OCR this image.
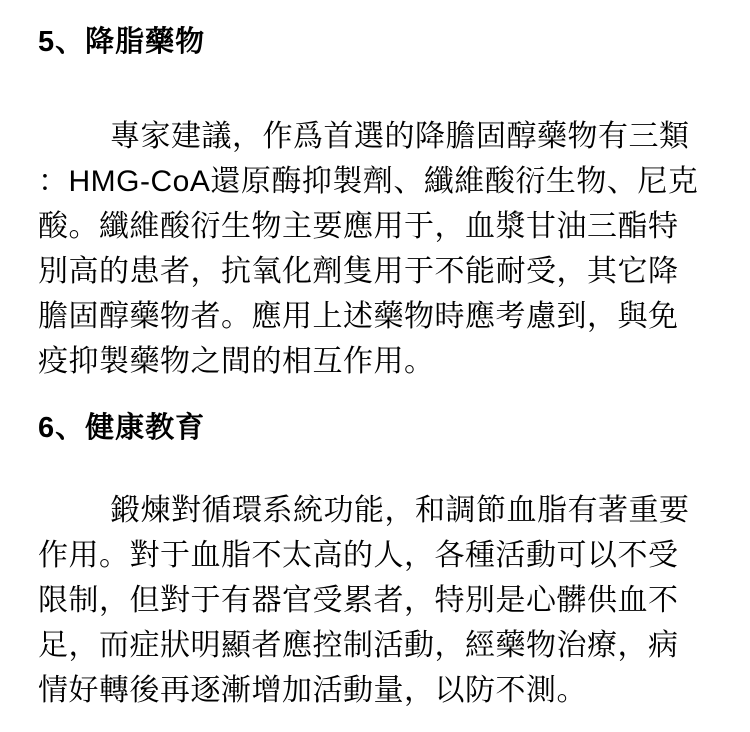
5、降脂藥物
專家建議，作爲首選的降膽固醇藥物有三類
：HMG-CoA還原酶抑製劑、纖維酸衍生物、尼克
酸。纖維酸衍生物主要應用于，血漿甘油三酯特
別高的患者，抗氧化劑隻用于不能耐受，其它降
膽固醇藥物者。應用上述藥物時應考慮到，與免
疫抑製藥物之間的相互作用。
6、健康教育
鍛煉對循環系統功能，和調節血脂有著重要
作用。對于血脂不太高的人，各種活動可以不受
限制，但對于有器官受累者，特別是心髒供血不
足，而症狀明顯者應控制活動，經藥物治療，病
情好轉後再逐漸增加活動量，以防不測。
